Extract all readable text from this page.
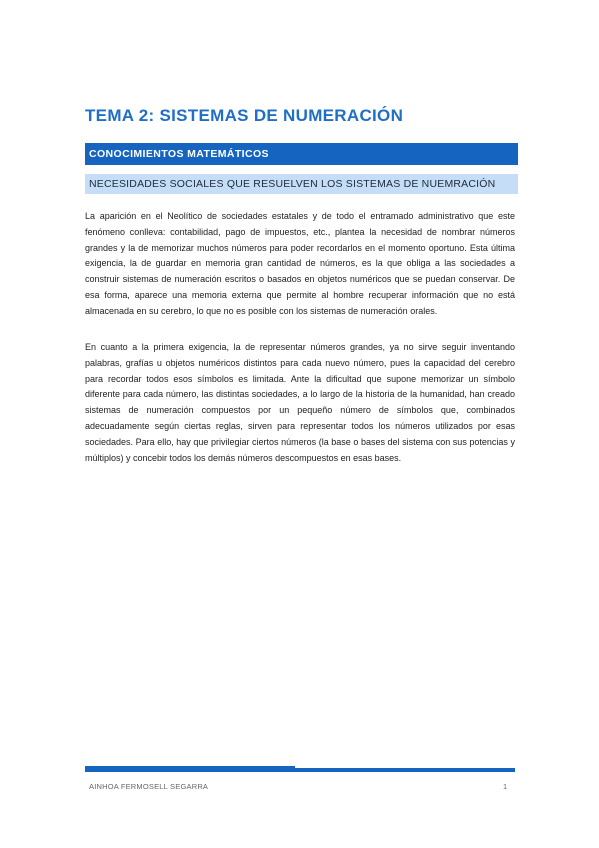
TEMA 2: SISTEMAS DE NUMERACIÓN
CONOCIMIENTOS MATEMÁTICOS
NECESIDADES SOCIALES QUE RESUELVEN LOS SISTEMAS DE NUEMRACIÓN

La aparición en el Neolítico de sociedades estatales y de todo el entramado administrativo que este fenómeno conlleva: contabilidad, pago de impuestos, etc., plantea la necesidad de nombrar números grandes y la de memorizar muchos números para poder recordarlos en el momento oportuno. Esta última exigencia, la de guardar en memoria gran cantidad de números, es la que obliga a las sociedades a construir sistemas de numeración escritos o basados en objetos numéricos que se puedan conservar. De esa forma, aparece una memoria externa que permite al hombre recuperar información que no está almacenada en su cerebro, lo que no es posible con los sistemas de numeración orales.

En cuanto a la primera exigencia, la de representar números grandes, ya no sirve seguir inventando palabras, grafías u objetos numéricos distintos para cada nuevo número, pues la capacidad del cerebro para recordar todos esos símbolos es limitada. Ante la dificultad que supone memorizar un símbolo diferente para cada número, las distintas sociedades, a lo largo de la historia de la humanidad, han creado sistemas de numeración compuestos por un pequeño número de símbolos que, combinados adecuadamente según ciertas reglas, sirven para representar todos los números utilizados por esas sociedades. Para ello, hay que privilegiar ciertos números (la base o bases del sistema con sus potencias y múltiplos) y concebir todos los demás números descompuestos en esas bases.

AINHOA FERMOSELL SEGARRA	1
